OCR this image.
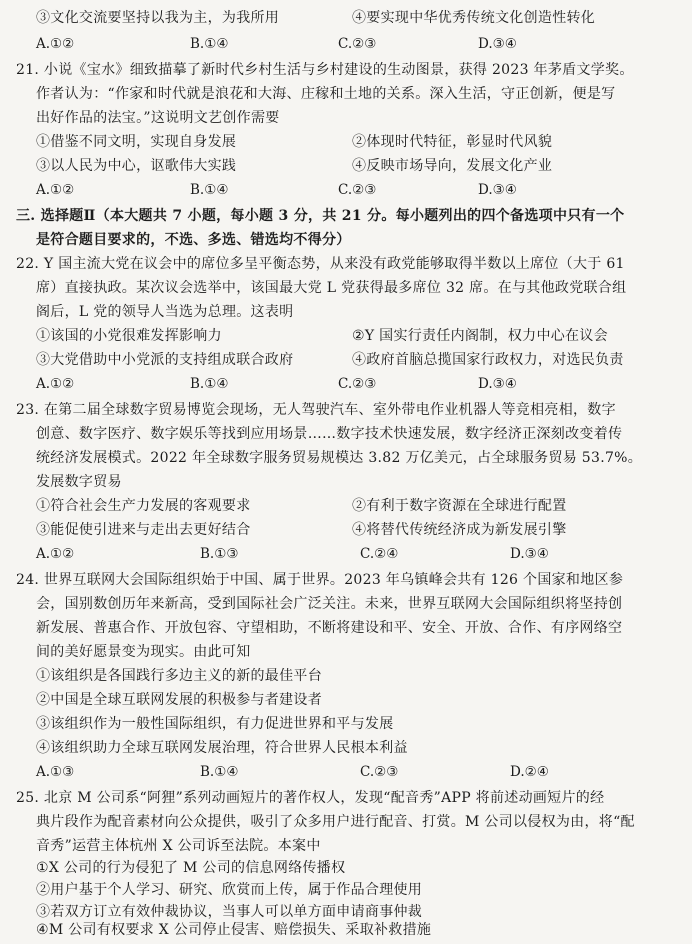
③文化交流要坚持以我为主，为我所用	④要实现中华优秀传统文化创造性转化
A.①②	B.①④	C.②③	D.③④
21. 小说《宝水》细致描摹了新时代乡村生活与乡村建设的生动图景，获得 2023 年茅盾文学奖。
作者认为：“作家和时代就是浪花和大海、庄稼和土地的关系。深入生活，守正创新，便是写
出好作品的法宝。”这说明文艺创作需要
①借鉴不同文明，实现自身发展	②体现时代特征，彰显时代风貌
③以人民为中心，讴歌伟大实践	④反映市场导向，发展文化产业
A.①②	B.①④	C.②③	D.③④
三. 选择题Ⅱ（本大题共 7 小题，每小题 3 分，共 21 分。每小题列出的四个备选项中只有一个
是符合题目要求的，不选、多选、错选均不得分）
22. Y 国主流大党在议会中的席位多呈平衡态势，从来没有政党能够取得半数以上席位（大于 61
席）直接执政。某次议会选举中，该国最大党 L 党获得最多席位 32 席。在与其他政党联合组
阁后，L 党的领导人当选为总理。这表明
①该国的小党很难发挥影响力	②Y 国实行责任内阁制，权力中心在议会
③大党借助中小党派的支持组成联合政府	④政府首脑总揽国家行政权力，对选民负责
A.①②	B.①④	C.②③	D.③④
23. 在第二届全球数字贸易博览会现场，无人驾驶汽车、室外带电作业机器人等竞相亮相，数字
创意、数字医疗、数字娱乐等找到应用场景……数字技术快速发展，数字经济正深刻改变着传
统经济发展模式。2022 年全球数字服务贸易规模达 3.82 万亿美元，占全球服务贸易 53.7%。
发展数字贸易
①符合社会生产力发展的客观要求	②有利于数字资源在全球进行配置
③能促使引进来与走出去更好结合	④将替代传统经济成为新发展引擎
A.①②	B.①③	C.②④	D.③④
24. 世界互联网大会国际组织始于中国、属于世界。2023 年乌镇峰会共有 126 个国家和地区参
会，国别数创历年来新高，受到国际社会广泛关注。未来，世界互联网大会国际组织将坚持创
新发展、普惠合作、开放包容、守望相助，不断将建设和平、安全、开放、合作、有序网络空
间的美好愿景变为现实。由此可知
①该组织是各国践行多边主义的新的最佳平台
②中国是全球互联网发展的积极参与者建设者
③该组织作为一般性国际组织，有力促进世界和平与发展
④该组织助力全球互联网发展治理，符合世界人民根本利益
A.①③	B.①④	C.②③	D.②④
25. 北京 M 公司系“阿狸”系列动画短片的著作权人，发现“配音秀”APP 将前述动画短片的经
典片段作为配音素材向公众提供，吸引了众多用户进行配音、打赏。M 公司以侵权为由，将“配
音秀”运营主体杭州 X 公司诉至法院。本案中
①X 公司的行为侵犯了 M 公司的信息网络传播权
②用户基于个人学习、研究、欣赏而上传，属于作品合理使用
③若双方订立有效仲裁协议，当事人可以单方面申请商事仲裁
④M 公司有权要求 X 公司停止侵害、赔偿损失、采取补救措施
